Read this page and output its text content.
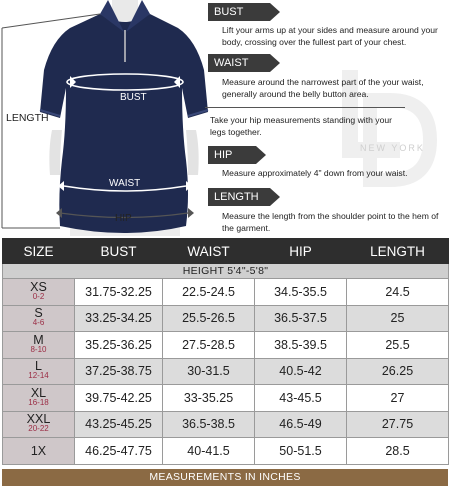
LENGTH
BUST
WAIST
HIP
NEW YORK
BUST
Lift your arms up at your sides and measure around your body, crossing over the fullest part of your chest.
WAIST
Measure around the narrowest part of the your waist, generally around the belly button area.
Take your hip measurements standing with your legs together.
HIP
Measure approximately 4" down from your waist.
LENGTH
Measure the length from the shoulder point to the hem of the garment.
SIZE	BUST	WAIST	HIP	LENGTH
HEIGHT 5'4"-5'8"				

XS
0-2	31.75-32.25	22.5-24.5	34.5-35.5	24.5

S
4-6	33.25-34.25	25.5-26.5	36.5-37.5	25

M
8-10	35.25-36.25	27.5-28.5	38.5-39.5	25.5

L
12-14	37.25-38.75	30-31.5	40.5-42	26.25

XL
16-18	39.75-42.25	33-35.25	43-45.5	27

XXL
20-22	43.25-45.25	36.5-38.5	46.5-49	27.75

1X	46.25-47.75	40-41.5	50-51.5	28.5
MEASUREMENTS IN INCHES
